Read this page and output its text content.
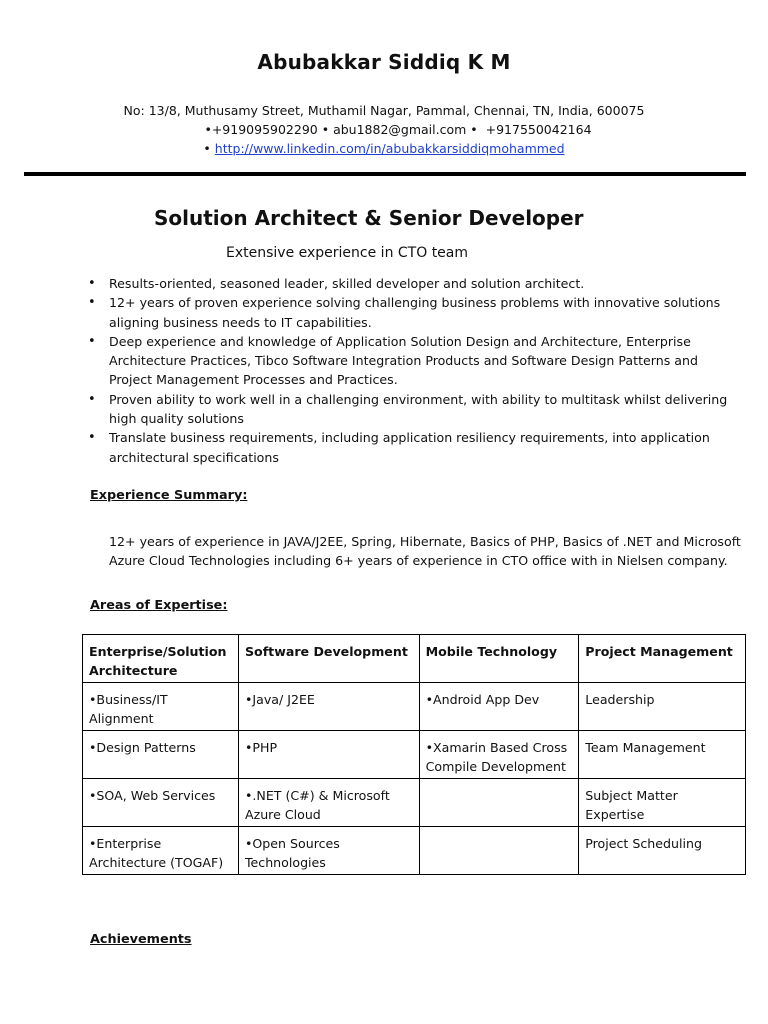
Abubakkar Siddiq K M
No: 13/8, Muthusamy Street, Muthamil Nagar, Pammal, Chennai, TN, India, 600075
•+919095902290 • abu1882@gmail.com • +917550042164
• http://www.linkedin.com/in/abubakkarsiddiqmohammed
Solution Architect & Senior Developer
Extensive experience in CTO team
• Results-oriented, seasoned leader, skilled developer and solution architect.
• 12+ years of proven experience solving challenging business problems with innovative solutions aligning business needs to IT capabilities.
• Deep experience and knowledge of Application Solution Design and Architecture, Enterprise Architecture Practices, Tibco Software Integration Products and Software Design Patterns and Project Management Processes and Practices.
• Proven ability to work well in a challenging environment, with ability to multitask whilst delivering high quality solutions
• Translate business requirements, including application resiliency requirements, into application architectural specifications
Experience Summary:
12+ years of experience in JAVA/J2EE, Spring, Hibernate, Basics of PHP, Basics of .NET and Microsoft Azure Cloud Technologies including 6+ years of experience in CTO office with in Nielsen company.
Areas of Expertise:
Enterprise/Solution Architecture	Software Development	Mobile Technology	Project Management
•Business/IT Alignment	•Java/ J2EE	•Android App Dev	Leadership
•Design Patterns	•PHP	•Xamarin Based Cross Compile Development	Team Management
•SOA, Web Services	•.NET (C#) & Microsoft Azure Cloud		Subject Matter Expertise
•Enterprise Architecture (TOGAF)	•Open Sources Technologies		Project Scheduling
Achievements
